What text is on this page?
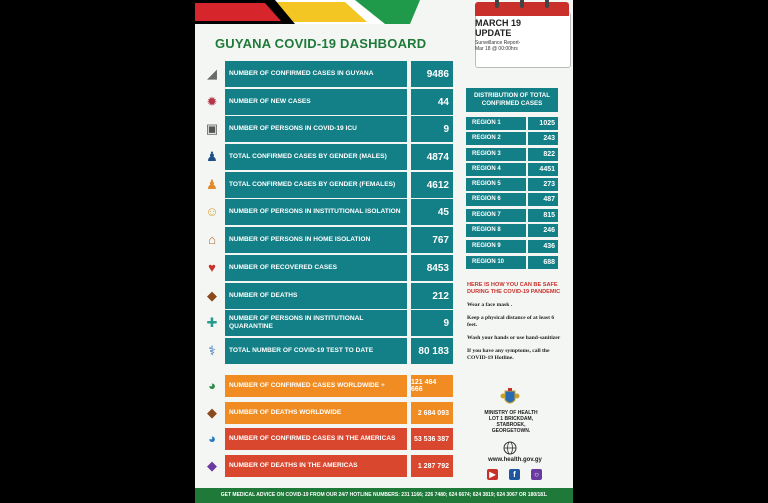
GUYANA COVID-19 DASHBOARD
MARCH 19
UPDATE
Surveillance Report-
Mar 18 @ 00:00hrs
◢	NUMBER OF CONFIRMED CASES IN GUYANA	9486
✹	NUMBER OF NEW CASES	44
▣	NUMBER OF PERSONS IN COVID-19 ICU	9
♟	TOTAL CONFIRMED CASES BY GENDER (MALES)	4874
♟	TOTAL CONFIRMED CASES BY GENDER (FEMALES)	4612
☺	NUMBER OF PERSONS IN INSTITUTIONAL ISOLATION	45
⌂	NUMBER OF PERSONS IN HOME ISOLATION	767
♥	NUMBER OF RECOVERED CASES	8453
◆	NUMBER OF DEATHS	212
✚	NUMBER OF PERSONS IN INSTITUTIONAL QUARANTINE	9
⚕	TOTAL NUMBER OF COVID-19 TEST TO DATE	80 183
◕	NUMBER OF CONFIRMED CASES WORLDWIDE +	121 464 666
◆	NUMBER OF DEATHS WORLDWIDE	2 684 093
◕	NUMBER OF CONFIRMED CASES IN THE AMERICAS	53 536 387
◆	NUMBER OF DEATHS IN THE AMERICAS	1 287 792
DISTRIBUTION OF TOTAL CONFIRMED CASES
REGION 1	1025
REGION 2	243
REGION 3	822
REGION 4	4451
REGION 5	273
REGION 6	487
REGION 7	815
REGION 8	246
REGION 9	436
REGION 10	688

HERE IS HOW YOU CAN BE SAFE DURING THE COVID-19 PANDEMIC

Wear a face mask .

Keep a physical distance of at least 6 feet.

Wash your hands or use hand-sanitizer

If you have any symptoms, call the COVID-19 Hotline.

MINISTRY OF HEALTH
LOT 1 BRICKDAM,
STABROEK,
GEORGETOWN.
www.health.gov.gy
▶	f	○
GET MEDICAL ADVICE ON COVID-19 FROM OUR 24/7 HOTLINE NUMBERS: 231 1166; 226 7480; 624 6674; 624 3819; 624 3067 OR 180/181.
